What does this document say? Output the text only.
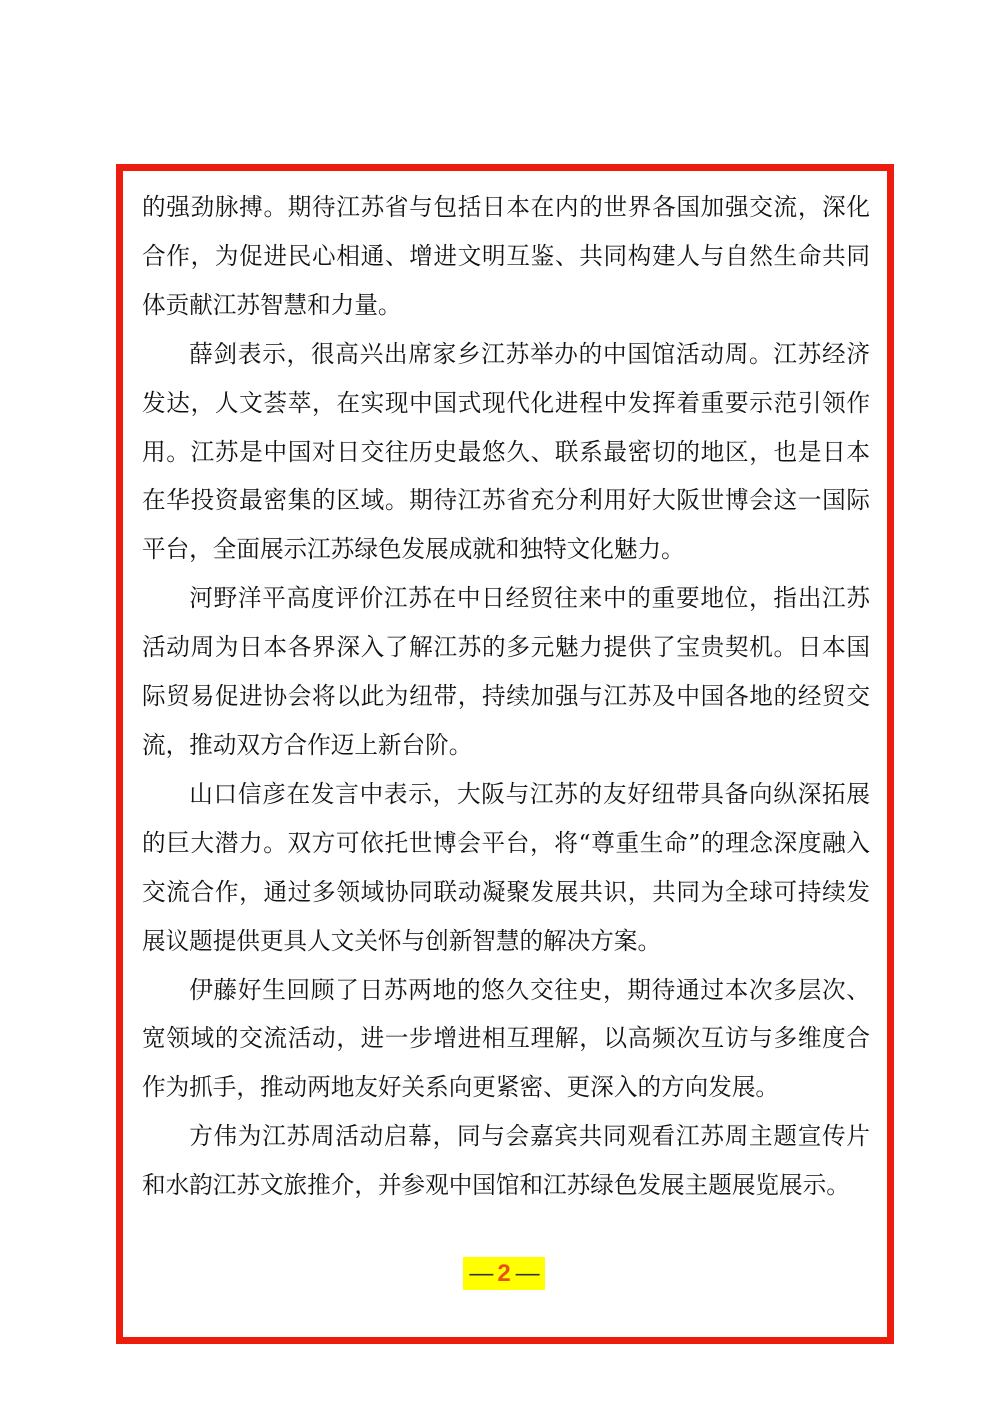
的强劲脉搏。期待江苏省与包括日本在内的世界各国加强交流，深化合作，为促进民心相通、增进文明互鉴、共同构建人与自然生命共同体贡献江苏智慧和力量。

薛剑表示，很高兴出席家乡江苏举办的中国馆活动周。江苏经济发达，人文荟萃，在实现中国式现代化进程中发挥着重要示范引领作用。江苏是中国对日交往历史最悠久、联系最密切的地区，也是日本在华投资最密集的区域。期待江苏省充分利用好大阪世博会这一国际平台，全面展示江苏绿色发展成就和独特文化魅力。

河野洋平高度评价江苏在中日经贸往来中的重要地位，指出江苏活动周为日本各界深入了解江苏的多元魅力提供了宝贵契机。日本国际贸易促进协会将以此为纽带，持续加强与江苏及中国各地的经贸交流，推动双方合作迈上新台阶。

山口信彦在发言中表示，大阪与江苏的友好纽带具备向纵深拓展的巨大潜力。双方可依托世博会平台，将“尊重生命”的理念深度融入交流合作，通过多领域协同联动凝聚发展共识，共同为全球可持续发展议题提供更具人文关怀与创新智慧的解决方案。

伊藤好生回顾了日苏两地的悠久交往史，期待通过本次多层次、宽领域的交流活动，进一步增进相互理解，以高频次互访与多维度合作为抓手，推动两地友好关系向更紧密、更深入的方向发展。

方伟为江苏周活动启幕，同与会嘉宾共同观看江苏周主题宣传片和水韵江苏文旅推介，并参观中国馆和江苏绿色发展主题展览展示。

— 2 —
